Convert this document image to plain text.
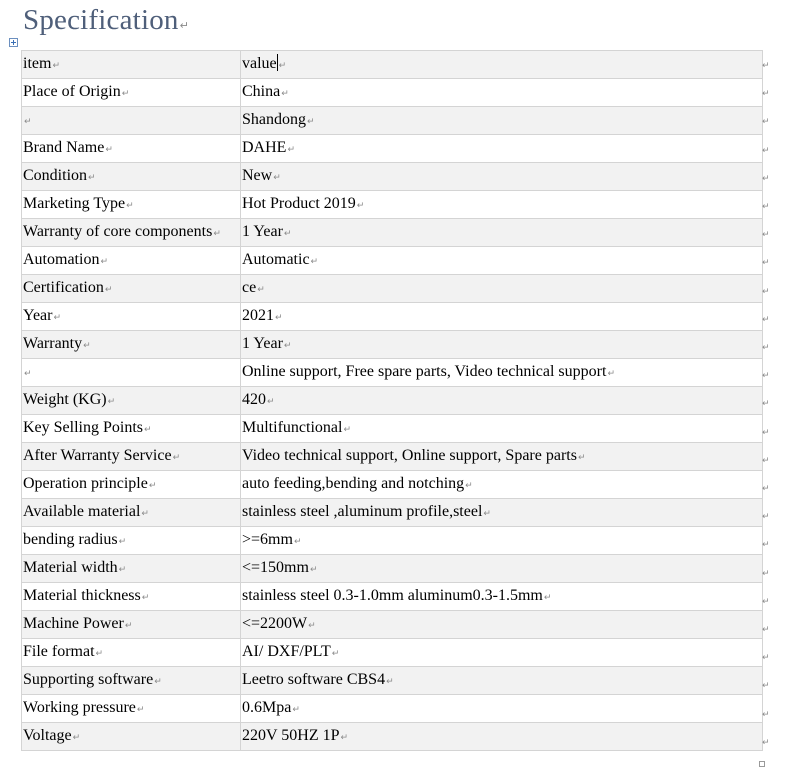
Specification↵
item↵	value ↵
Place of Origin↵	China↵
↵	Shandong↵
Brand Name↵	DAHE↵
Condition↵	New↵
Marketing Type↵	Hot Product 2019↵
Warranty of core components↵	1 Year↵
Automation↵	Automatic↵
Certification↵	ce↵
Year↵	2021↵
Warranty↵	1 Year↵
↵	Online support, Free spare parts, Video technical support↵
Weight (KG)↵	420↵
Key Selling Points↵	Multifunctional↵
After Warranty Service↵	Video technical support, Online support, Spare parts↵
Operation principle↵	auto feeding,bending and notching↵
Available material↵	stainless steel ,aluminum profile,steel↵
bending radius↵	>=6mm↵
Material width↵	<=150mm↵
Material thickness↵	stainless steel 0.3-1.0mm aluminum0.3-1.5mm↵
Machine Power↵	<=2200W↵
File format↵	AI/ DXF/PLT↵
Supporting software↵	Leetro software CBS4↵
Working pressure↵	0.6Mpa↵
Voltage↵	220V 50HZ 1P↵
↵
↵
↵
↵
↵
↵
↵
↵
↵
↵
↵
↵
↵
↵
↵
↵
↵
↵
↵
↵
↵
↵
↵
↵
↵
